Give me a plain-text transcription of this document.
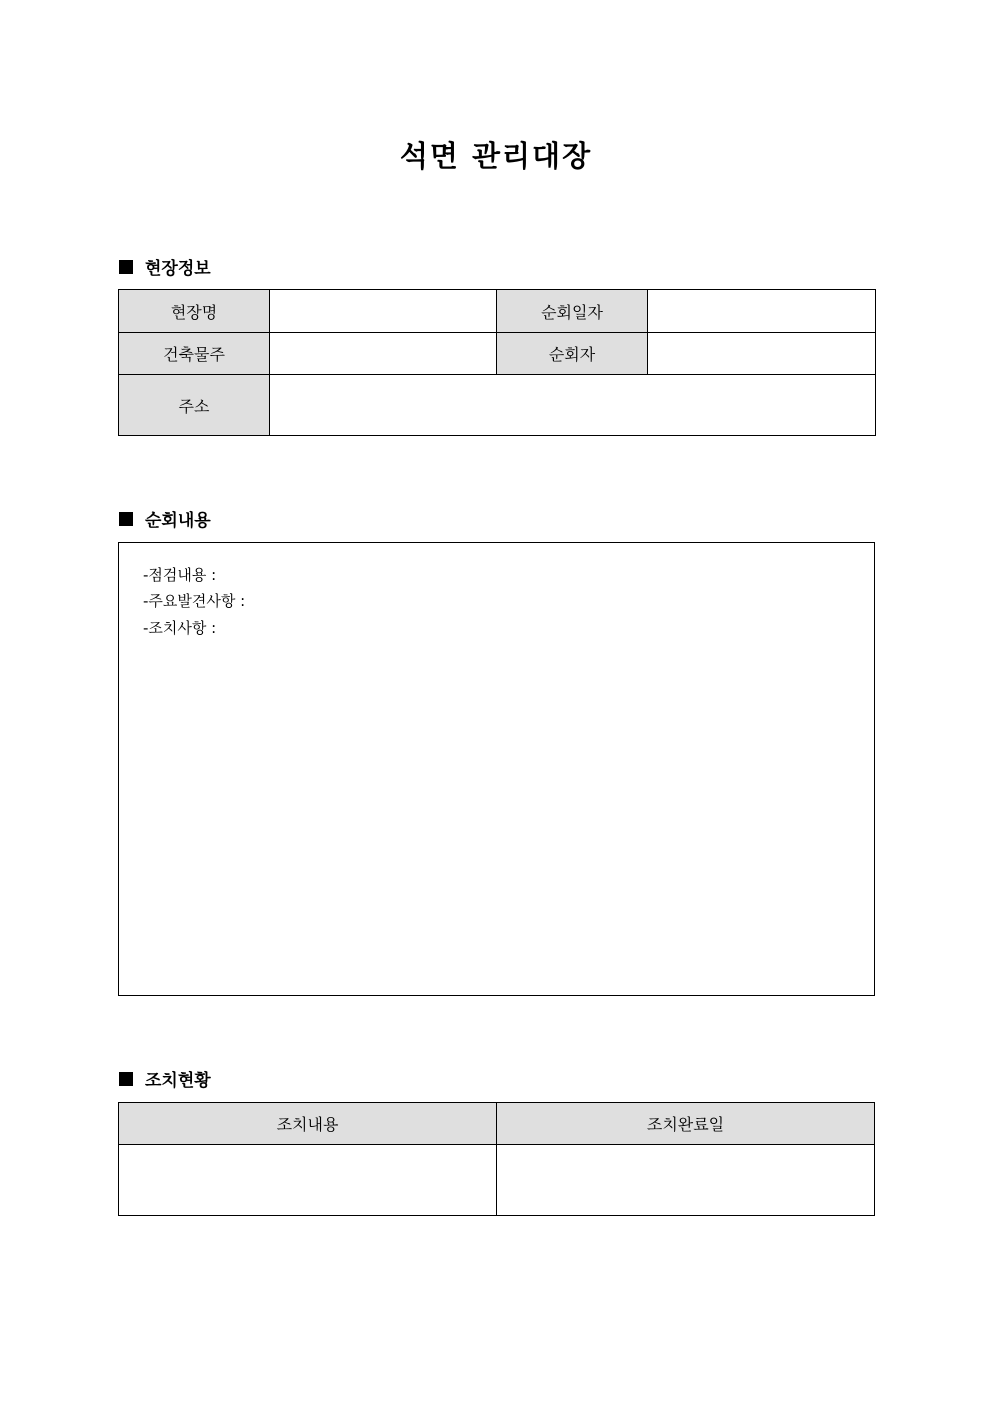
석면 관리대장
현장정보
현장명		순회일자	
건축물주		순회자	
주소			
순회내용
-점검내용 :
-주요발견사항 :
-조치사항 :
조치현황
조치내용	조치완료일
